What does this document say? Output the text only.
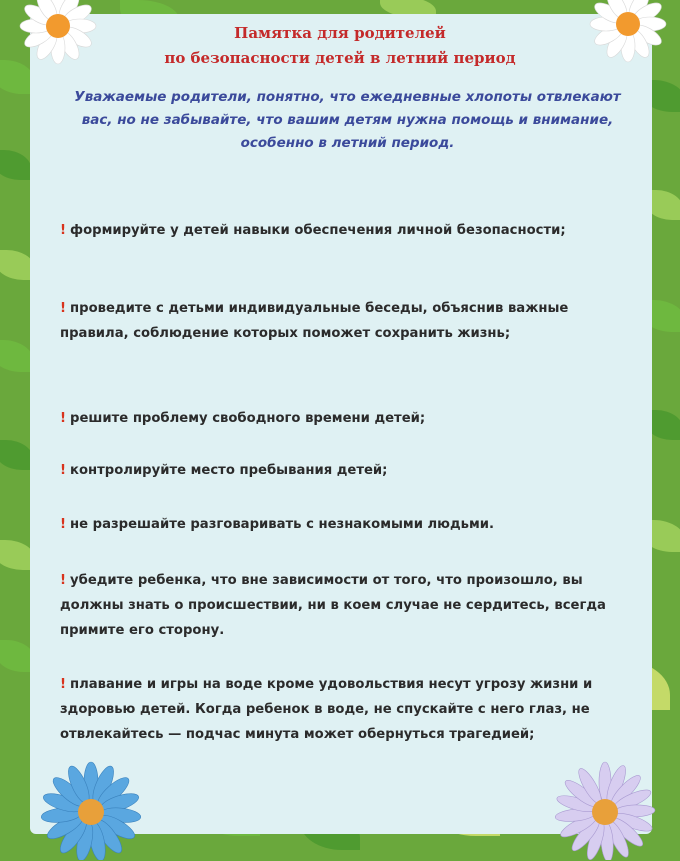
Памятка для родителей
по безопасности детей в летний период
Уважаемые родители, понятно, что ежедневные хлопоты отвлекают вас, но не забывайте, что вашим детям нужна помощь и внимание, особенно в летний период.
! формируйте у детей навыки обеспечения личной безопасности;
! проведите с детьми индивидуальные беседы, объяснив важные правила, соблюдение которых поможет сохранить жизнь;
! решите проблему свободного времени детей;
! контролируйте место пребывания детей;
! не разрешайте разговаривать с незнакомыми людьми.
! убедите ребенка, что вне зависимости от того, что произошло, вы должны знать о происшествии, ни в коем случае не сердитесь, всегда примите его сторону.
! плавание и игры на воде кроме удовольствия несут угрозу жизни и здоровью детей. Когда ребенок в воде, не спускайте с него глаз, не отвлекайтесь — подчас минута может обернуться трагедией;
